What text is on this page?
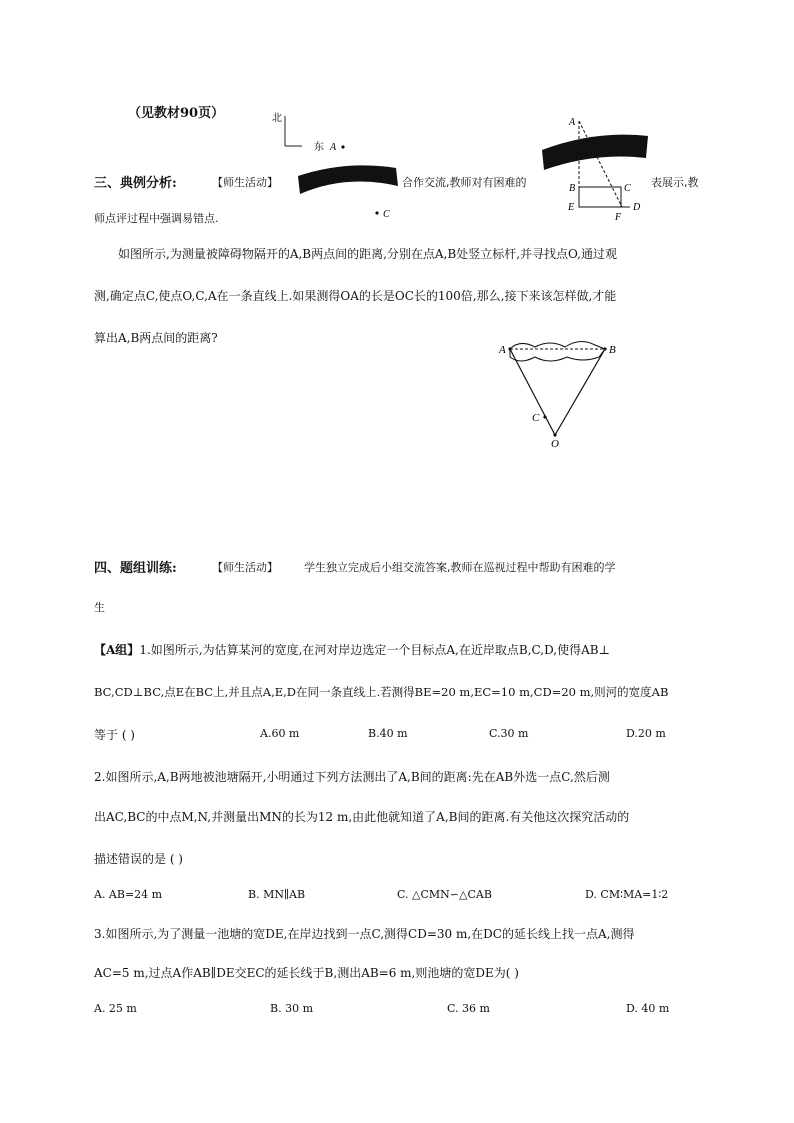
（见教材90页）	北
东 A
C
三、典例分析:	【师生活动】	合作交流,教师对有困难的	表展示,教
师点评过程中强调易错点.
A
B	C
D
E
F
如图所示,为测量被障碍物隔开的A,B两点间的距离,分别在点A,B处竖立标杆,并寻找点O,通过观
测,确定点C,使点O,C,A在一条直线上.如果测得OA的长是OC长的100倍,那么,接下来该怎样做,才能
算出A,B两点间的距离?
A	B
C
O
四、题组训练:	【师生活动】 学生独立完成后小组交流答案,教师在巡视过程中帮助有困难的学
生
【A组】1.如图所示,为估算某河的宽度,在河对岸边选定一个目标点A,在近岸取点B,C,D,使得AB⊥
BC,CD⊥BC,点E在BC上,并且点A,E,D在同一条直线上.若测得BE=20 m,EC=10 m,CD=20 m,则河的宽度AB
等于 ( )	A.60 m	B.40 m	C.30 m	D.20 m
2.如图所示,A,B两地被池塘隔开,小明通过下列方法测出了A,B间的距离:先在AB外选一点C,然后测
出AC,BC的中点M,N,并测量出MN的长为12 m,由此他就知道了A,B间的距离.有关他这次探究活动的
描述错误的是 ( )
A. AB=24 m	B. MN∥AB	C. △CMN∽△CAB	D. CM∶MA=1∶2
3.如图所示,为了测量一池塘的宽DE,在岸边找到一点C,测得CD=30 m,在DC的延长线上找一点A,测得
AC=5 m,过点A作AB∥DE交EC的延长线于B,测出AB=6 m,则池塘的宽DE为( )
A. 25 m	B. 30 m	C. 36 m	D. 40 m
